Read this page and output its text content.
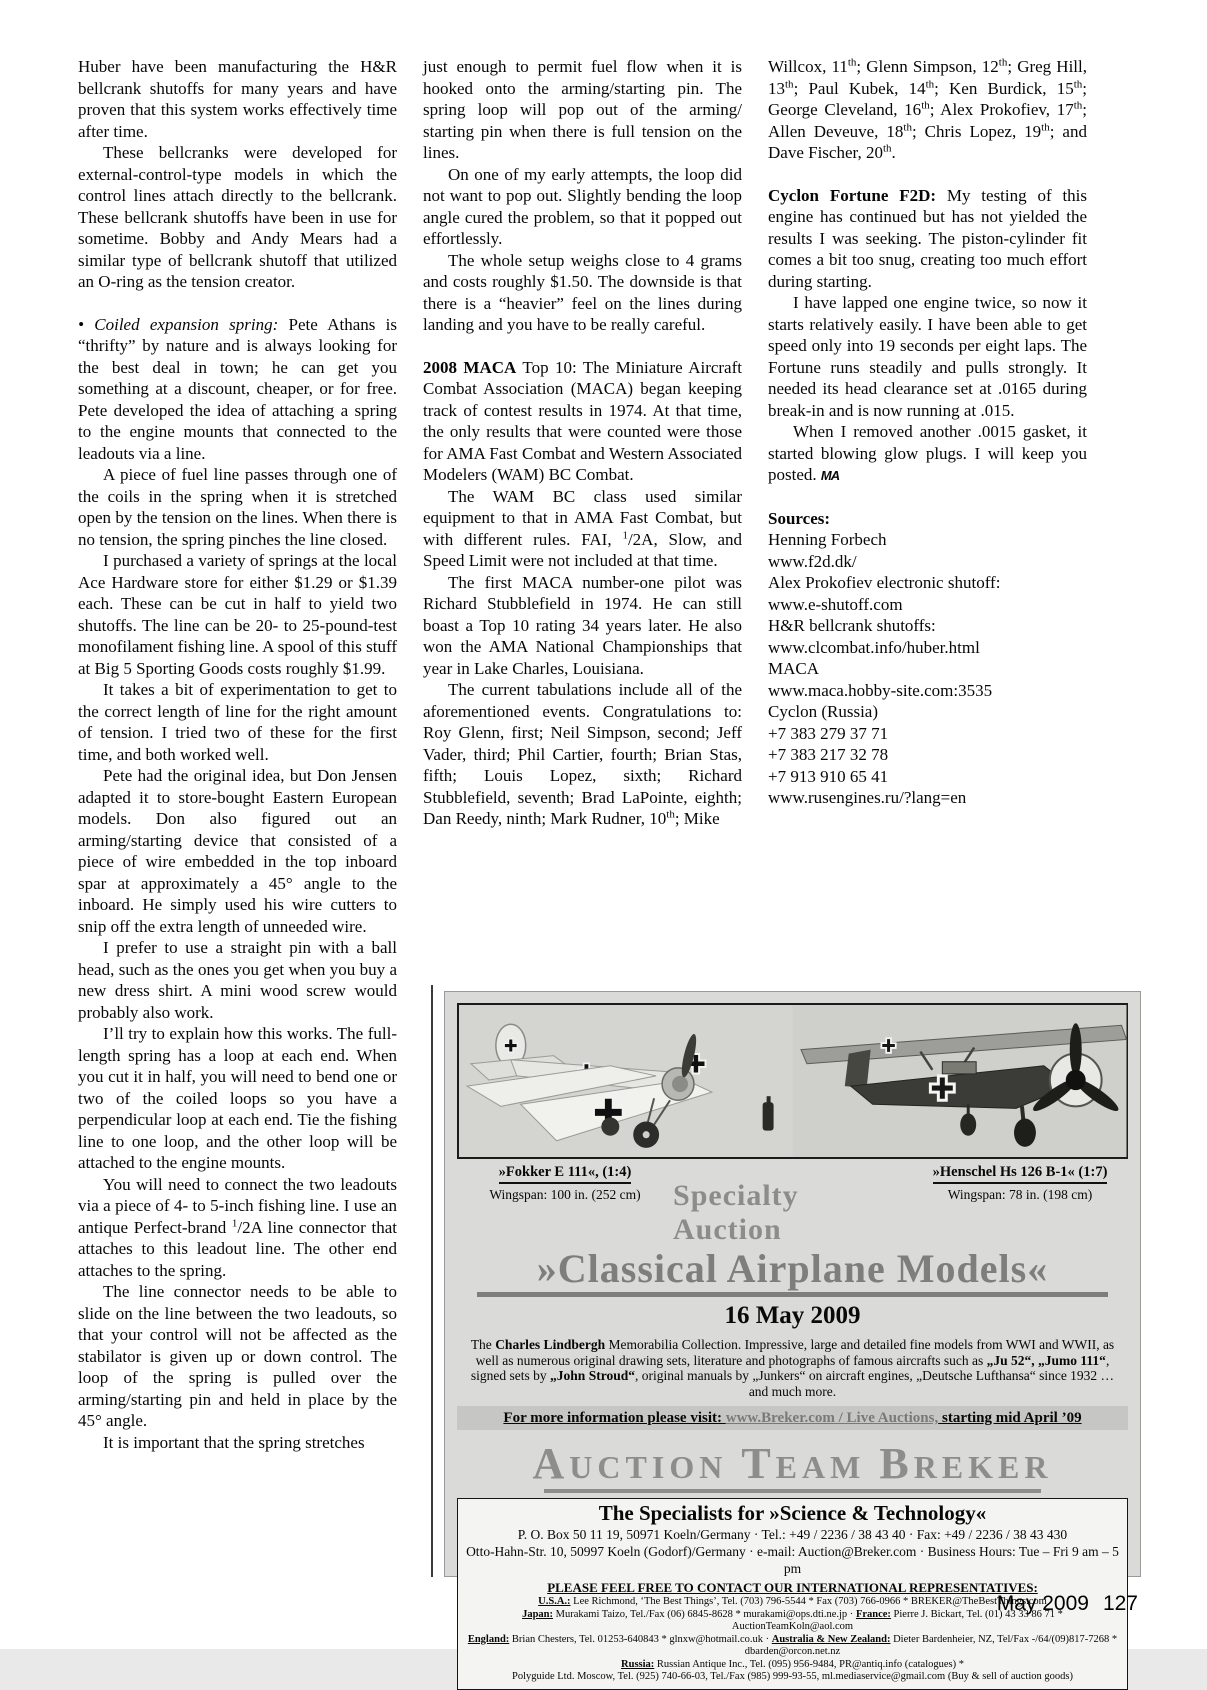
Huber have been manufacturing the H&R bellcrank shutoffs for many years and have proven that this system works effectively time after time.

These bellcranks were developed for external-control-type models in which the control lines attach directly to the bellcrank. These bellcrank shutoffs have been in use for sometime. Bobby and Andy Mears had a similar type of bellcrank shutoff that utilized an O-ring as the tension creator.

• Coiled expansion spring: Pete Athans is “thrifty” by nature and is always looking for the best deal in town; he can get you something at a discount, cheaper, or for free. Pete developed the idea of attaching a spring to the engine mounts that connected to the leadouts via a line.

A piece of fuel line passes through one of the coils in the spring when it is stretched open by the tension on the lines. When there is no tension, the spring pinches the line closed.

I purchased a variety of springs at the local Ace Hardware store for either $1.29 or $1.39 each. These can be cut in half to yield two shutoffs. The line can be 20- to 25-pound-test monofilament fishing line. A spool of this stuff at Big 5 Sporting Goods costs roughly $1.99.

It takes a bit of experimentation to get to the correct length of line for the right amount of tension. I tried two of these for the first time, and both worked well.

Pete had the original idea, but Don Jensen adapted it to store-bought Eastern European models. Don also figured out an arming/starting device that consisted of a piece of wire embedded in the top inboard spar at approximately a 45° angle to the inboard. He simply used his wire cutters to snip off the extra length of unneeded wire.

I prefer to use a straight pin with a ball head, such as the ones you get when you buy a new dress shirt. A mini wood screw would probably also work.

I’ll try to explain how this works. The full-length spring has a loop at each end. When you cut it in half, you will need to bend one or two of the coiled loops so you have a perpendicular loop at each end. Tie the fishing line to one loop, and the other loop will be attached to the engine mounts.

You will need to connect the two leadouts via a piece of 4- to 5-inch fishing line. I use an antique Perfect-brand $^1$/2A line connector that attaches to this leadout line. The other end attaches to the spring.

The line connector needs to be able to slide on the line between the two leadouts, so that your control will not be affected as the stabilator is given up or down control. The loop of the spring is pulled over the arming/starting pin and held in place by the 45° angle.

It is important that the spring stretches

just enough to permit fuel flow when it is hooked onto the arming/starting pin. The spring loop will pop out of the arming/ starting pin when there is full tension on the lines.

On one of my early attempts, the loop did not want to pop out. Slightly bending the loop angle cured the problem, so that it popped out effortlessly.

The whole setup weighs close to 4 grams and costs roughly $1.50. The downside is that there is a “heavier” feel on the lines during landing and you have to be really careful.

2008 MACA Top 10: The Miniature Aircraft Combat Association (MACA) began keeping track of contest results in 1974. At that time, the only results that were counted were those for AMA Fast Combat and Western Associated Modelers (WAM) BC Combat.

The WAM BC class used similar equipment to that in AMA Fast Combat, but with different rules. FAI, $^1$/2A, Slow, and Speed Limit were not included at that time.

The first MACA number-one pilot was Richard Stubblefield in 1974. He can still boast a Top 10 rating 34 years later. He also won the AMA National Championships that year in Lake Charles, Louisiana.

The current tabulations include all of the aforementioned events. Congratulations to: Roy Glenn, first; Neil Simpson, second; Jeff Vader, third; Phil Cartier, fourth; Brian Stas, fifth; Louis Lopez, sixth; Richard Stubblefield, seventh; Brad LaPointe, eighth; Dan Reedy, ninth; Mark Rudner, 10th; Mike

Willcox, 11th; Glenn Simpson, 12th; Greg Hill, 13th; Paul Kubek, 14th; Ken Burdick, 15th; George Cleveland, 16th; Alex Prokofiev, 17th; Allen Deveuve, 18th; Chris Lopez, 19th; and Dave Fischer, 20th.

Cyclon Fortune F2D: My testing of this engine has continued but has not yielded the results I was seeking. The piston-cylinder fit comes a bit too snug, creating too much effort during starting.

I have lapped one engine twice, so now it starts relatively easily. I have been able to get speed only into 19 seconds per eight laps. The Fortune runs steadily and pulls strongly. It needed its head clearance set at .0165 during break-in and is now running at .015.

When I removed another .0015 gasket, it started blowing glow plugs. I will keep you posted. MA

Sources:

Henning Forbech
www.f2d.dk/

Alex Prokofiev electronic shutoff:
www.e-shutoff.com

H&R bellcrank shutoffs:
www.clcombat.info/huber.html

MACA
www.maca.hobby-site.com:3535

Cyclon (Russia)
+7 383 279 37 71
+7 383 217 32 78
+7 913 910 65 41
www.rusengines.ru/?lang=en

»Fokker E 111«, (1:4)
Wingspan: 100 in. (252 cm)	Specialty Auction
»Henschel Hs 126 B-1« (1:7)
Wingspan: 78 in. (198 cm)
»Classical Airplane Models«
16 May 2009
The Charles Lindbergh Memorabilia Collection. Impressive, large and detailed fine models from WWI and WWII, as well as numerous original drawing sets, literature and photographs of famous aircrafts such as „Ju 52“, „Jumo 111“, signed sets by „John Stroud“, original manuals by „Junkers“ on aircraft engines, „Deutsche Lufthansa“ since 1932 … and much more.
For more information please visit: www.Breker.com / Live Auctions, starting mid April ’09
AUCTION TEAM BREKER
The Specialists for »Science & Technology«
P. O. Box 50 11 19, 50971 Koeln/Germany · Tel.: +49 / 2236 / 38 43 40 · Fax: +49 / 2236 / 38 43 430
Otto-Hahn-Str. 10, 50997 Koeln (Godorf)/Germany · e-mail: Auction@Breker.com · Business Hours: Tue – Fri 9 am – 5 pm
PLEASE FEEL FREE TO CONTACT OUR INTERNATIONAL REPRESENTATIVES:
U.S.A.: Lee Richmond, ‘The Best Things’, Tel. (703) 796-5544 * Fax (703) 766-0966 * BREKER@TheBestThings.com
Japan: Murakami Taizo, Tel./Fax (06) 6845-8628 * murakami@ops.dti.ne.jp · France: Pierre J. Bickart, Tel. (01) 43 33 86 71 * AuctionTeamKoln@aol.com
England: Brian Chesters, Tel. 01253-640843 * glnxw@hotmail.co.uk · Australia & New Zealand: Dieter Bardenheier, NZ, Tel/Fax -/64/(09)817-7268 * dbarden@orcon.net.nz
Russia: Russian Antique Inc., Tel. (095) 956-9484, PR@antiq.info (catalogues) *
Polyguide Ltd. Moscow, Tel. (925) 740-66-03, Tel./Fax (985) 999-93-55, ml.mediaservice@gmail.com (Buy & sell of auction goods)
May 2009 127
